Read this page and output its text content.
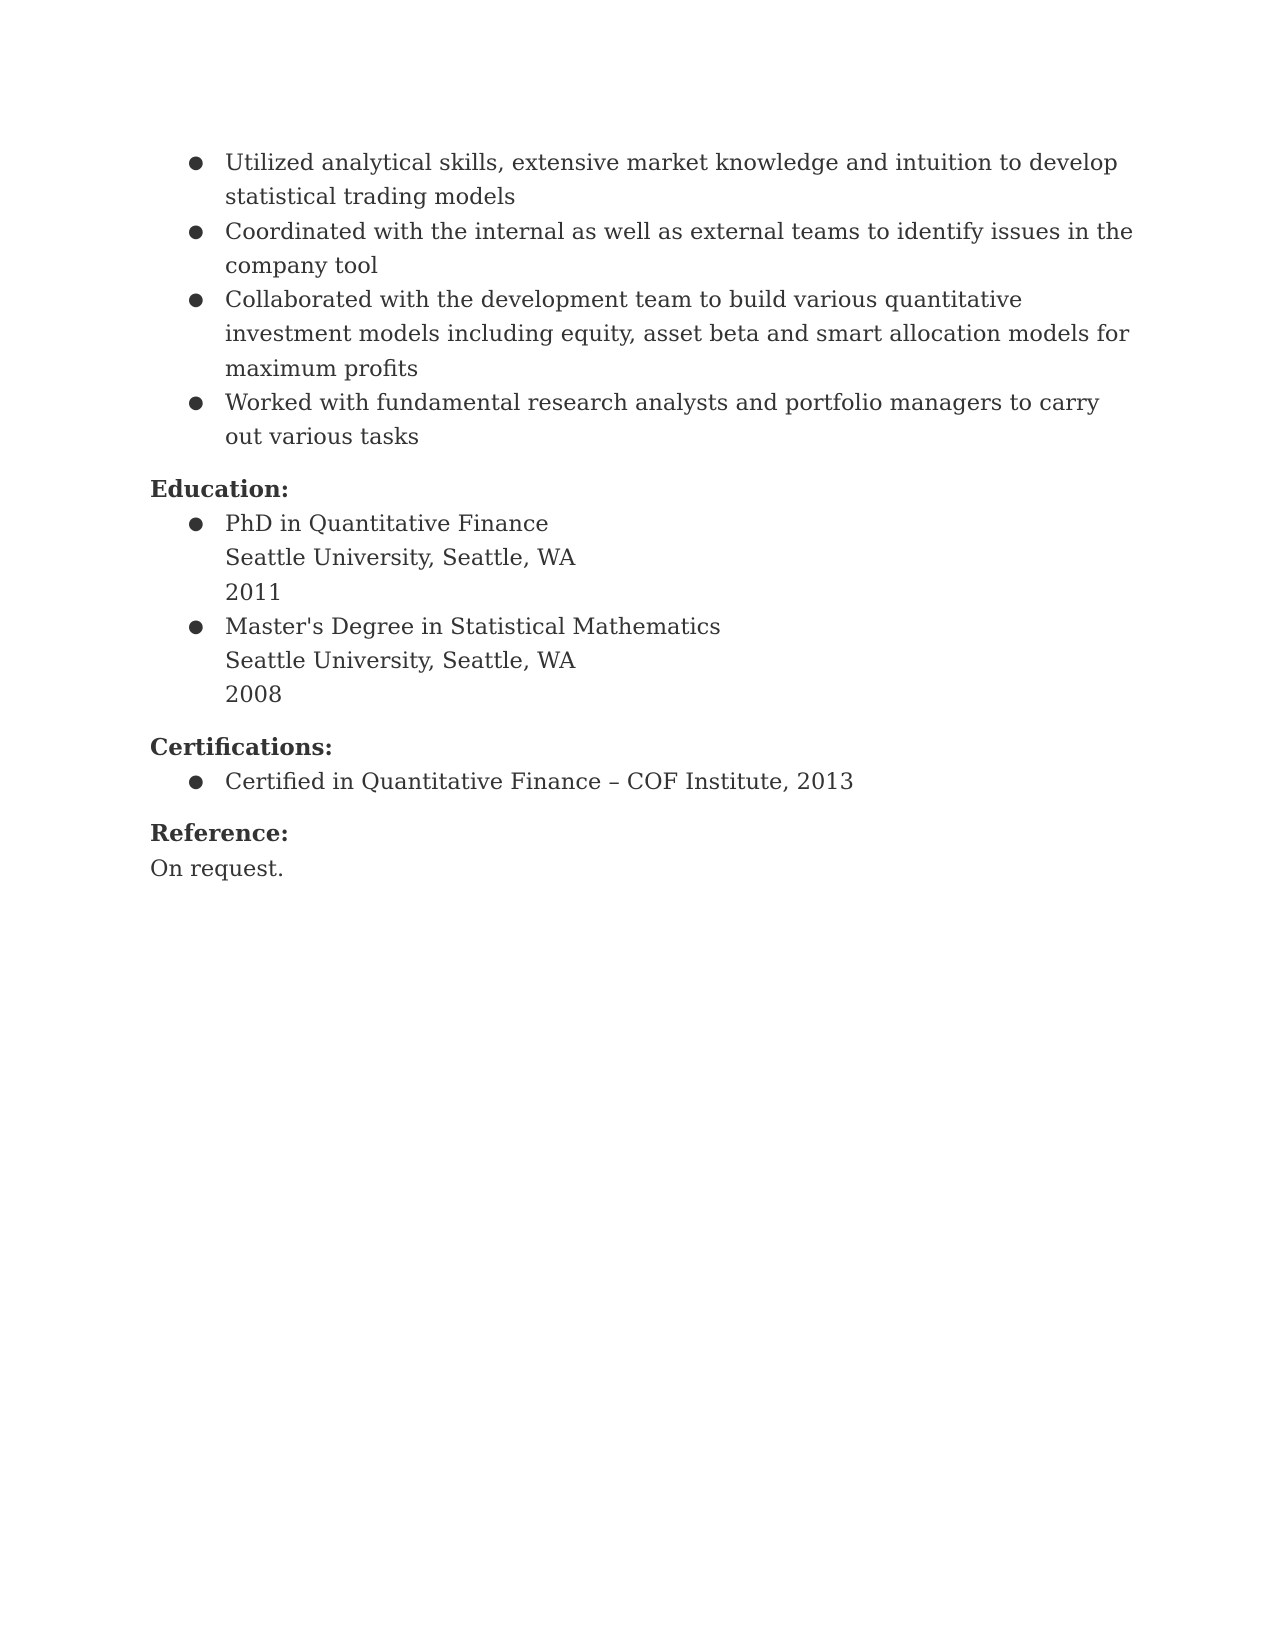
● Utilized analytical skills, extensive market knowledge and intuition to develop statistical trading models
● Coordinated with the internal as well as external teams to identify issues in the company tool
● Collaborated with the development team to build various quantitative investment models including equity, asset beta and smart allocation models for maximum profits
● Worked with fundamental research analysts and portfolio managers to carry out various tasks
Education:
● PhD in Quantitative Finance
Seattle University, Seattle, WA
2011
● Master's Degree in Statistical Mathematics
Seattle University, Seattle, WA
2008
Certifications:
● Certified in Quantitative Finance – COF Institute, 2013
Reference:
On request.
